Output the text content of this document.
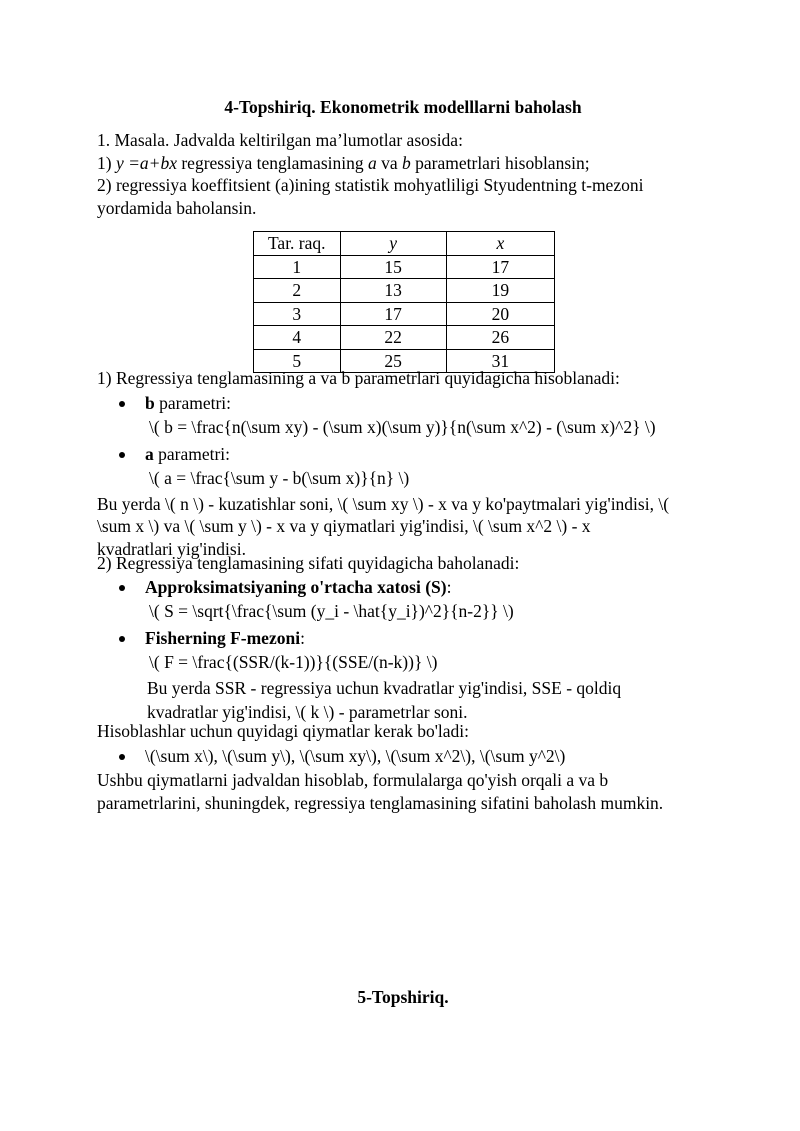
4-Topshiriq. Ekonometrik modelllarni baholash
1. Masala. Jadvalda keltirilgan ma’lumotlar asosida:
1) y =a+bx regressiya tenglamasining a va b parametrlari hisoblansin;
2) regressiya koeffitsient (a)ining statistik mohyatliligi Styudentning t-mezoni
yordamida baholansin.
Tar. raq.	y	x
1	15	17
2	13	19
3	17	20
4	22	26
5	25	31
1) Regressiya tenglamasining a va b parametrlari quyidagicha hisoblanadi:
b parametri:
\( b = \frac{n(\sum xy) - (\sum x)(\sum y)}{n(\sum x^2) - (\sum x)^2} \)
a parametri:
\( a = \frac{\sum y - b(\sum x)}{n} \)
Bu yerda \( n \) - kuzatishlar soni, \( \sum xy \) - x va y ko'paytmalari yig'indisi, \(
\sum x \) va \( \sum y \) - x va y qiymatlari yig'indisi, \( \sum x^2 \) - x
kvadratlari yig'indisi.
2) Regressiya tenglamasining sifati quyidagicha baholanadi:
Approksimatsiyaning o'rtacha xatosi (S):
\( S = \sqrt{\frac{\sum (y_i - \hat{y_i})^2}{n-2}} \)
Fisherning F-mezoni:
\( F = \frac{(SSR/(k-1))}{(SSE/(n-k))} \)
Bu yerda SSR - regressiya uchun kvadratlar yig'indisi, SSE - qoldiq
kvadratlar yig'indisi, \( k \) - parametrlar soni.
Hisoblashlar uchun quyidagi qiymatlar kerak bo'ladi:
\(\sum x\), \(\sum y\), \(\sum xy\), \(\sum x^2\), \(\sum y^2\)
Ushbu qiymatlarni jadvaldan hisoblab, formulalarga qo'yish orqali a va b
parametrlarini, shuningdek, regressiya tenglamasining sifatini baholash mumkin.
5-Topshiriq.
